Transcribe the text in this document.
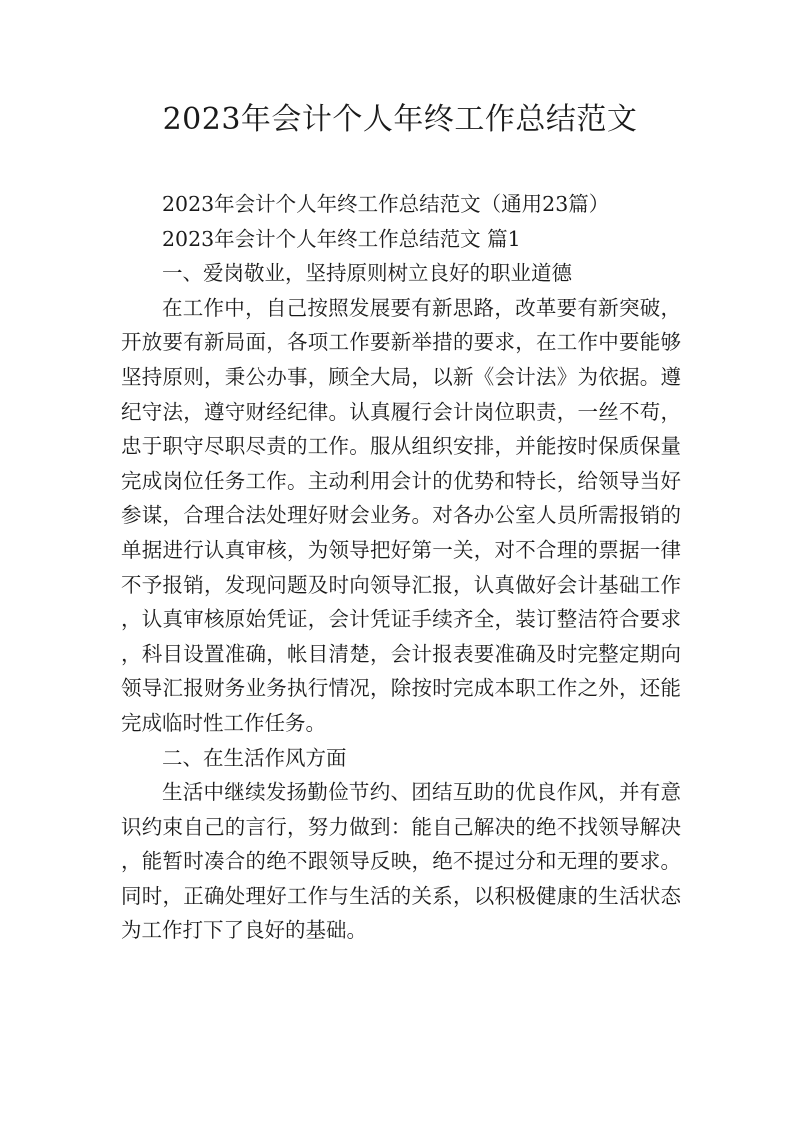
2023年会计个人年终工作总结范文

2023年会计个人年终工作总结范文（通用23篇）

2023年会计个人年终工作总结范文 篇1

一、爱岗敬业，坚持原则树立良好的职业道德

在工作中，自己按照发展要有新思路，改革要有新突破，开放要有新局面，各项工作要新举措的要求，在工作中要能够坚持原则，秉公办事，顾全大局，以新《会计法》为依据。遵纪守法，遵守财经纪律。认真履行会计岗位职责，一丝不苟，忠于职守尽职尽责的工作。服从组织安排，并能按时保质保量完成岗位任务工作。主动利用会计的优势和特长，给领导当好参谋，合理合法处理好财会业务。对各办公室人员所需报销的单据进行认真审核，为领导把好第一关，对不合理的票据一律不予报销，发现问题及时向领导汇报，认真做好会计基础工作，认真审核原始凭证，会计凭证手续齐全，装订整洁符合要求，科目设置准确，帐目清楚，会计报表要准确及时完整定期向领导汇报财务业务执行情况，除按时完成本职工作之外，还能完成临时性工作任务。

二、在生活作风方面

生活中继续发扬勤俭节约、团结互助的优良作风，并有意识约束自己的言行，努力做到：能自己解决的绝不找领导解决，能暂时凑合的绝不跟领导反映，绝不提过分和无理的要求。同时，正确处理好工作与生活的关系，以积极健康的生活状态为工作打下了良好的基础。
